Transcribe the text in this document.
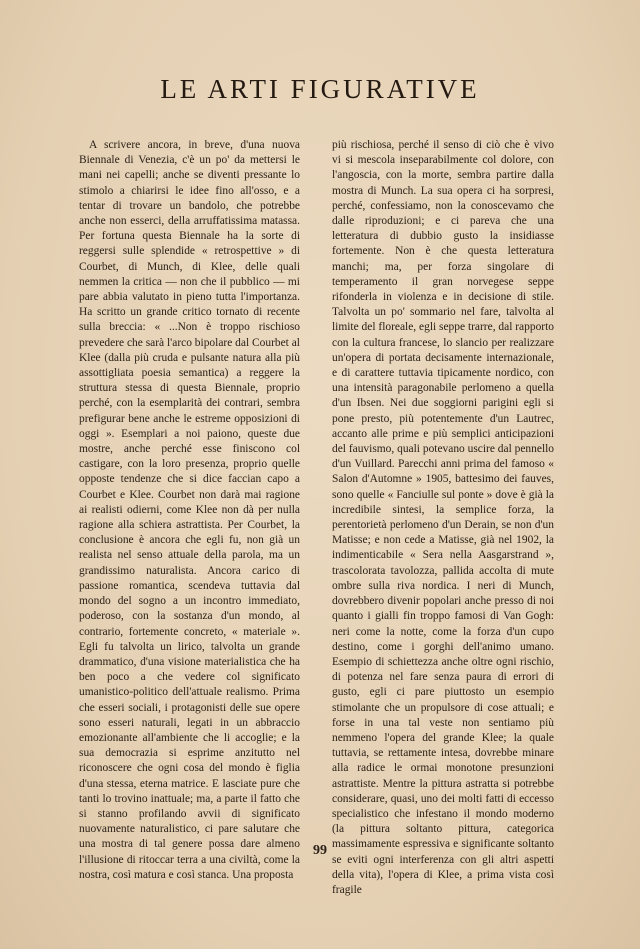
LE ARTI FIGURATIVE

A scrivere ancora, in breve, d'una nuova Biennale di Venezia, c'è un po' da mettersi le mani nei capelli; anche se diventi pressante lo stimolo a chiarirsi le idee fino all'osso, e a tentar di trovare un bandolo, che potrebbe anche non esserci, della arruffatissima matassa. Per fortuna questa Biennale ha la sorte di reggersi sulle splendide « retrospettive » di Courbet, di Munch, di Klee, delle quali nemmen la critica — non che il pubblico — mi pare abbia valutato in pieno tutta l'importanza. Ha scritto un grande critico tornato di recente sulla breccia: « ...Non è troppo rischioso prevedere che sarà l'arco bipolare dal Courbet al Klee (dalla più cruda e pulsante natura alla più assottigliata poesia semantica) a reggere la struttura stessa di questa Biennale, proprio perché, con la esemplarità dei contrari, sembra prefigurar bene anche le estreme opposizioni di oggi ». Esemplari a noi paiono, queste due mostre, anche perché esse finiscono col castigare, con la loro presenza, proprio quelle opposte tendenze che si dice faccian capo a Courbet e Klee. Courbet non darà mai ragione ai realisti odierni, come Klee non dà per nulla ragione alla schiera astrattista. Per Courbet, la conclusione è ancora che egli fu, non già un realista nel senso attuale della parola, ma un grandissimo naturalista. Ancora carico di passione romantica, scendeva tuttavia dal mondo del sogno a un incontro immediato, poderoso, con la sostanza d'un mondo, al contrario, fortemente concreto, « materiale ». Egli fu talvolta un lirico, talvolta un grande drammatico, d'una visione materialistica che ha ben poco a che vedere col significato umanistico-politico dell'attuale realismo. Prima che esseri sociali, i protagonisti delle sue opere sono esseri naturali, legati in un abbraccio emozionante all'ambiente che li accoglie; e la sua democrazia si esprime anzitutto nel riconoscere che ogni cosa del mondo è figlia d'una stessa, eterna matrice. E lasciate pure che tanti lo trovino inattuale; ma, a parte il fatto che si stanno profilando avvii di significato nuovamente naturalistico, ci pare salutare che una mostra di tal genere possa dare almeno l'illusione di ritoccar terra a una civiltà, come la nostra, così matura e così stanca. Una proposta

più rischiosa, perché il senso di ciò che è vivo vi si mescola inseparabilmente col dolore, con l'angoscia, con la morte, sembra partire dalla mostra di Munch. La sua opera ci ha sorpresi, perché, confessiamo, non la conoscevamo che dalle riproduzioni; e ci pareva che una letteratura di dubbio gusto la insidiasse fortemente. Non è che questa letteratura manchi; ma, per forza singolare di temperamento il gran norvegese seppe rifonderla in violenza e in decisione di stile. Talvolta un po' sommario nel fare, talvolta al limite del floreale, egli seppe trarre, dal rapporto con la cultura francese, lo slancio per realizzare un'opera di portata decisamente internazionale, e di carattere tuttavia tipicamente nordico, con una intensità paragonabile perlomeno a quella d'un Ibsen. Nei due soggiorni parigini egli si pone presto, più potentemente d'un Lautrec, accanto alle prime e più semplici anticipazioni del fauvismo, quali potevano uscire dal pennello d'un Vuillard. Parecchi anni prima del famoso « Salon d'Automne » 1905, battesimo dei fauves, sono quelle « Fanciulle sul ponte » dove è già la incredibile sintesi, la semplice forza, la perentorietà perlomeno d'un Derain, se non d'un Matisse; e non cede a Matisse, già nel 1902, la indimenticabile « Sera nella Aasgarstrand », trascolorata tavolozza, pallida accolta di mute ombre sulla riva nordica. I neri di Munch, dovrebbero divenir popolari anche presso di noi quanto i gialli fin troppo famosi di Van Gogh: neri come la notte, come la forza d'un cupo destino, come i gorghi dell'animo umano. Esempio di schiettezza anche oltre ogni rischio, di potenza nel fare senza paura di errori di gusto, egli ci pare piuttosto un esempio stimolante che un propulsore di cose attuali; e forse in una tal veste non sentiamo più nemmeno l'opera del grande Klee; la quale tuttavia, se rettamente intesa, dovrebbe minare alla radice le ormai monotone presunzioni astrattiste. Mentre la pittura astratta si potrebbe considerare, quasi, uno dei molti fatti di eccesso specialistico che infestano il mondo moderno (la pittura soltanto pittura, categorica massimamente espressiva e significante soltanto se eviti ogni interferenza con gli altri aspetti della vita), l'opera di Klee, a prima vista così fragile

99
